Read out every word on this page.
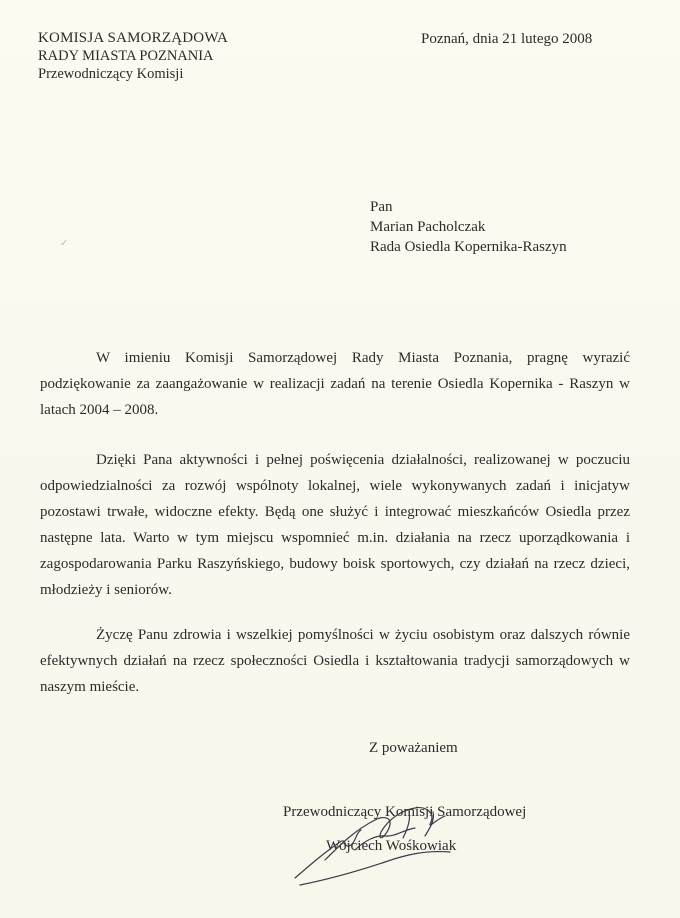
KOMISJA SAMORZĄDOWA
RADY MIASTA POZNANIA
Przewodniczący Komisji
Poznań, dnia 21 lutego 2008
✓
Pan
Marian Pacholczak
Rada Osiedla Kopernika-Raszyn

W imieniu Komisji Samorządowej Rady Miasta Poznania, pragnę wyrazić podziękowanie za zaangażowanie w realizacji zadań na terenie Osiedla Kopernika - Raszyn w latach 2004 – 2008.

Dzięki Pana aktywności i pełnej poświęcenia działalności, realizowanej w poczuciu odpowiedzialności za rozwój wspólnoty lokalnej, wiele wykonywanych zadań i inicjatyw pozostawi trwałe, widoczne efekty. Będą one służyć i integrować mieszkańców Osiedla przez następne lata. Warto w tym miejscu wspomnieć m.in. działania na rzecz uporządkowania i zagospodarowania Parku Raszyńskiego, budowy boisk sportowych, czy działań na rzecz dzieci, młodzieży i seniorów.

Życzę Panu zdrowia i wszelkiej pomyślności w życiu osobistym oraz dalszych równie efektywnych działań na rzecz społeczności Osiedla i kształtowania tradycji samorządowych w naszym mieście.

Z poważaniem
Przewodniczący Komisji Samorządowej
Wojciech Wośkowiak
